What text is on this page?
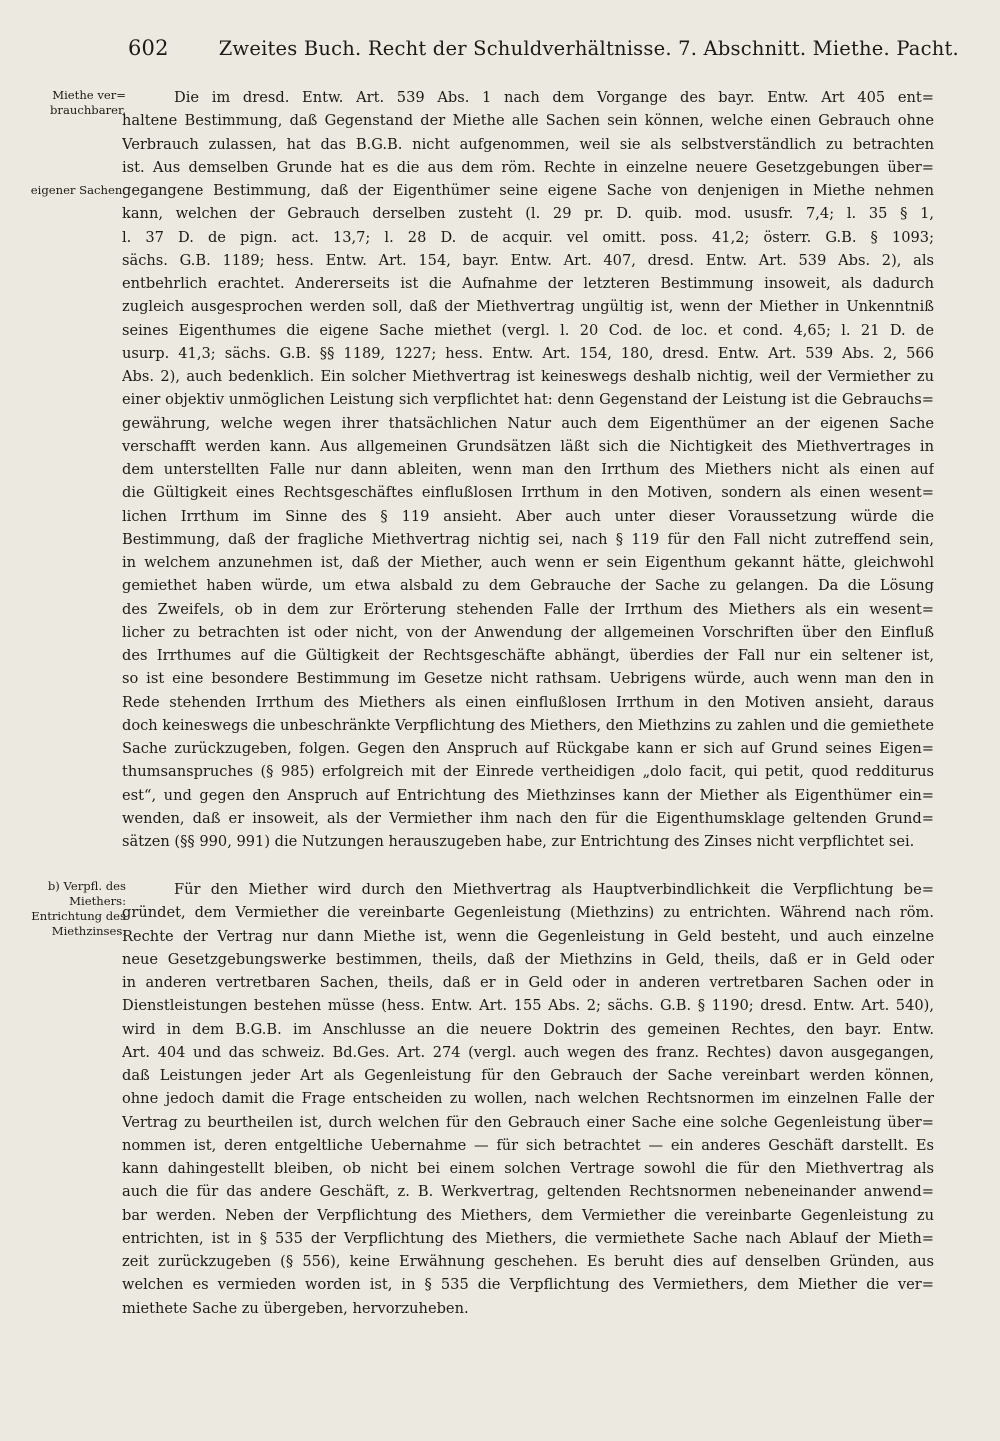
602	Zweites Buch. Recht der Schuldverhältnisse. 7. Abschnitt. Miethe. Pacht.
Miethe ver=
brauchbarer,
eigener Sachen.
b) Verpfl. des
Miethers:
Entrichtung des
Miethzinses.
Die im dresd. Entw. Art. 539 Abs. 1 nach dem Vorgange des bayr. Entw. Art 405 ent=
haltene Bestimmung, daß Gegenstand der Miethe alle Sachen sein können, welche einen Gebrauch ohne
Verbrauch zulassen, hat das B.G.B. nicht aufgenommen, weil sie als selbstverständlich zu betrachten
ist. Aus demselben Grunde hat es die aus dem röm. Rechte in einzelne neuere Gesetzgebungen über=
gegangene Bestimmung, daß der Eigenthümer seine eigene Sache von denjenigen in Miethe nehmen
kann, welchen der Gebrauch derselben zusteht (l. 29 pr. D. quib. mod. ususfr. 7,4; l. 35 § 1,
l. 37 D. de pign. act. 13,7; l. 28 D. de acquir. vel omitt. poss. 41,2; österr. G.B. § 1093;
sächs. G.B. 1189; hess. Entw. Art. 154, bayr. Entw. Art. 407, dresd. Entw. Art. 539 Abs. 2), als
entbehrlich erachtet. Andererseits ist die Aufnahme der letzteren Bestimmung insoweit, als dadurch
zugleich ausgesprochen werden soll, daß der Miethvertrag ungültig ist, wenn der Miether in Unkenntniß
seines Eigenthumes die eigene Sache miethet (vergl. l. 20 Cod. de loc. et cond. 4,65; l. 21 D. de
usurp. 41,3; sächs. G.B. §§ 1189, 1227; hess. Entw. Art. 154, 180, dresd. Entw. Art. 539 Abs. 2, 566
Abs. 2), auch bedenklich. Ein solcher Miethvertrag ist keineswegs deshalb nichtig, weil der Vermiether zu
einer objektiv unmöglichen Leistung sich verpflichtet hat: denn Gegenstand der Leistung ist die Gebrauchs=
gewährung, welche wegen ihrer thatsächlichen Natur auch dem Eigenthümer an der eigenen Sache
verschafft werden kann. Aus allgemeinen Grundsätzen läßt sich die Nichtigkeit des Miethvertrages in
dem unterstellten Falle nur dann ableiten, wenn man den Irrthum des Miethers nicht als einen auf
die Gültigkeit eines Rechtsgeschäftes einflußlosen Irrthum in den Motiven, sondern als einen wesent=
lichen Irrthum im Sinne des § 119 ansieht. Aber auch unter dieser Voraussetzung würde die
Bestimmung, daß der fragliche Miethvertrag nichtig sei, nach § 119 für den Fall nicht zutreffend sein,
in welchem anzunehmen ist, daß der Miether, auch wenn er sein Eigenthum gekannt hätte, gleichwohl
gemiethet haben würde, um etwa alsbald zu dem Gebrauche der Sache zu gelangen. Da die Lösung
des Zweifels, ob in dem zur Erörterung stehenden Falle der Irrthum des Miethers als ein wesent=
licher zu betrachten ist oder nicht, von der Anwendung der allgemeinen Vorschriften über den Einfluß
des Irrthumes auf die Gültigkeit der Rechtsgeschäfte abhängt, überdies der Fall nur ein seltener ist,
so ist eine besondere Bestimmung im Gesetze nicht rathsam. Uebrigens würde, auch wenn man den in
Rede stehenden Irrthum des Miethers als einen einflußlosen Irrthum in den Motiven ansieht, daraus
doch keineswegs die unbeschränkte Verpflichtung des Miethers, den Miethzins zu zahlen und die gemiethete
Sache zurückzugeben, folgen. Gegen den Anspruch auf Rückgabe kann er sich auf Grund seines Eigen=
thumsanspruches (§ 985) erfolgreich mit der Einrede vertheidigen „dolo facit, qui petit, quod redditurus
est“, und gegen den Anspruch auf Entrichtung des Miethzinses kann der Miether als Eigenthümer ein=
wenden, daß er insoweit, als der Vermiether ihm nach den für die Eigenthumsklage geltenden Grund=
sätzen (§§ 990, 991) die Nutzungen herauszugeben habe, zur Entrichtung des Zinses nicht verpflichtet sei.
Für den Miether wird durch den Miethvertrag als Hauptverbindlichkeit die Verpflichtung be=
gründet, dem Vermiether die vereinbarte Gegenleistung (Miethzins) zu entrichten. Während nach röm.
Rechte der Vertrag nur dann Miethe ist, wenn die Gegenleistung in Geld besteht, und auch einzelne
neue Gesetzgebungswerke bestimmen, theils, daß der Miethzins in Geld, theils, daß er in Geld oder
in anderen vertretbaren Sachen, theils, daß er in Geld oder in anderen vertretbaren Sachen oder in
Dienstleistungen bestehen müsse (hess. Entw. Art. 155 Abs. 2; sächs. G.B. § 1190; dresd. Entw. Art. 540),
wird in dem B.G.B. im Anschlusse an die neuere Doktrin des gemeinen Rechtes, den bayr. Entw.
Art. 404 und das schweiz. Bd.Ges. Art. 274 (vergl. auch wegen des franz. Rechtes) davon ausgegangen,
daß Leistungen jeder Art als Gegenleistung für den Gebrauch der Sache vereinbart werden können,
ohne jedoch damit die Frage entscheiden zu wollen, nach welchen Rechtsnormen im einzelnen Falle der
Vertrag zu beurtheilen ist, durch welchen für den Gebrauch einer Sache eine solche Gegenleistung über=
nommen ist, deren entgeltliche Uebernahme — für sich betrachtet — ein anderes Geschäft darstellt. Es
kann dahingestellt bleiben, ob nicht bei einem solchen Vertrage sowohl die für den Miethvertrag als
auch die für das andere Geschäft, z. B. Werkvertrag, geltenden Rechtsnormen nebeneinander anwend=
bar werden. Neben der Verpflichtung des Miethers, dem Vermiether die vereinbarte Gegenleistung zu
entrichten, ist in § 535 der Verpflichtung des Miethers, die vermiethete Sache nach Ablauf der Mieth=
zeit zurückzugeben (§ 556), keine Erwähnung geschehen. Es beruht dies auf denselben Gründen, aus
welchen es vermieden worden ist, in § 535 die Verpflichtung des Vermiethers, dem Miether die ver=
miethete Sache zu übergeben, hervorzuheben.
